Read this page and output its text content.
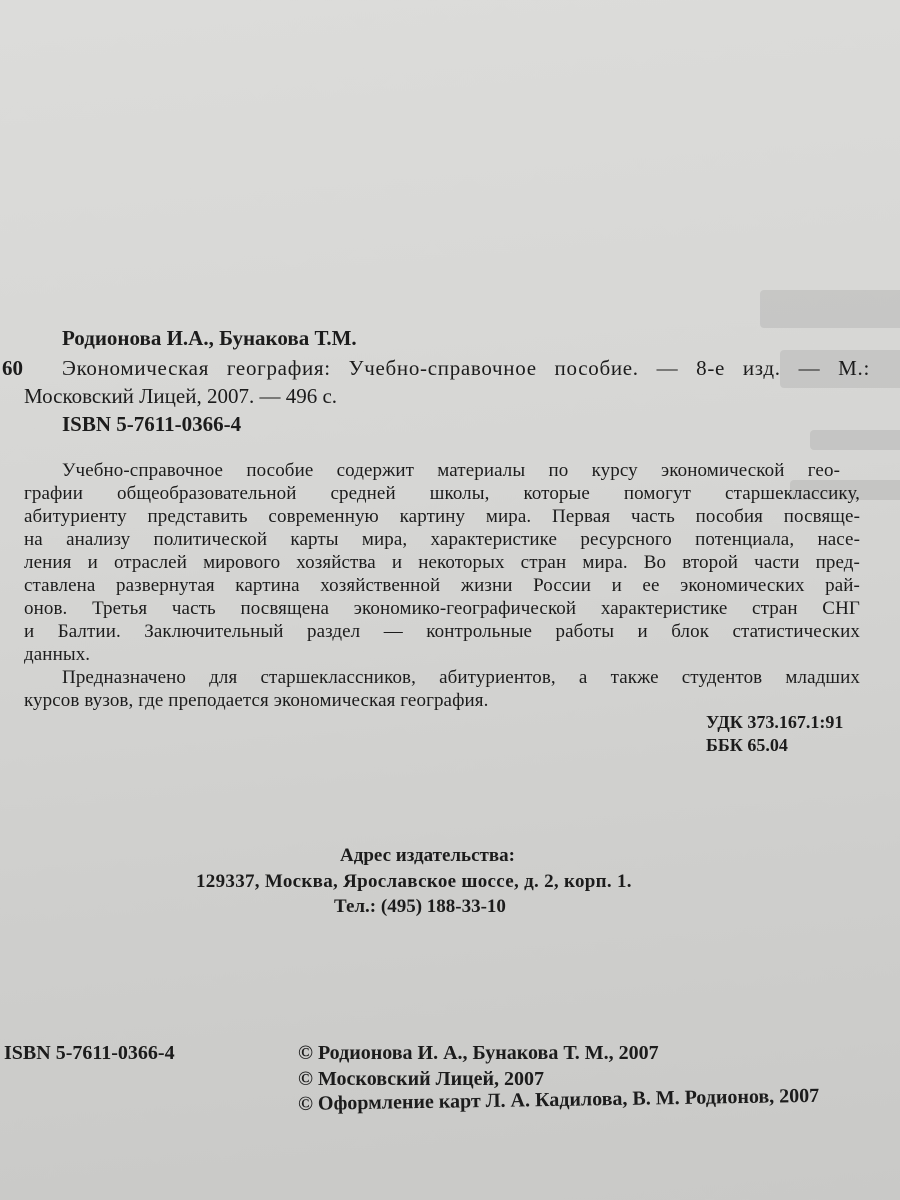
60
Родионова И.А., Бунакова Т.М.
Экономическая география: Учебно-справочное пособие. — 8-е изд. — М.:
Московский Лицей, 2007. — 496 с.
ISBN 5-7611-0366-4
Учебно-справочное пособие содержит материалы по курсу экономической гео-
графии общеобразовательной средней школы, которые помогут старшеклассику,
абитуриенту представить современную картину мира. Первая часть пособия посвяще-
на анализу политической карты мира, характеристике ресурсного потенциала, насе-
ления и отраслей мирового хозяйства и некоторых стран мира. Во второй части пред-
ставлена развернутая картина хозяйственной жизни России и ее экономических рай-
онов. Третья часть посвящена экономико-географической характеристике стран СНГ
и Балтии. Заключительный раздел — контрольные работы и блок статистических
данных.
Предназначено для старшеклассников, абитуриентов, а также студентов младших
курсов вузов, где преподается экономическая география.
УДК 373.167.1:91
ББК 65.04
Адрес издательства:
129337, Москва, Ярославское шоссе, д. 2, корп. 1.
Тел.: (495) 188-33-10
ISBN 5-7611-0366-4	© Родионова И. А., Бунакова Т. М., 2007
© Московский Лицей, 2007
© Оформление карт Л. А. Кадилова, В. М. Родионов, 2007
